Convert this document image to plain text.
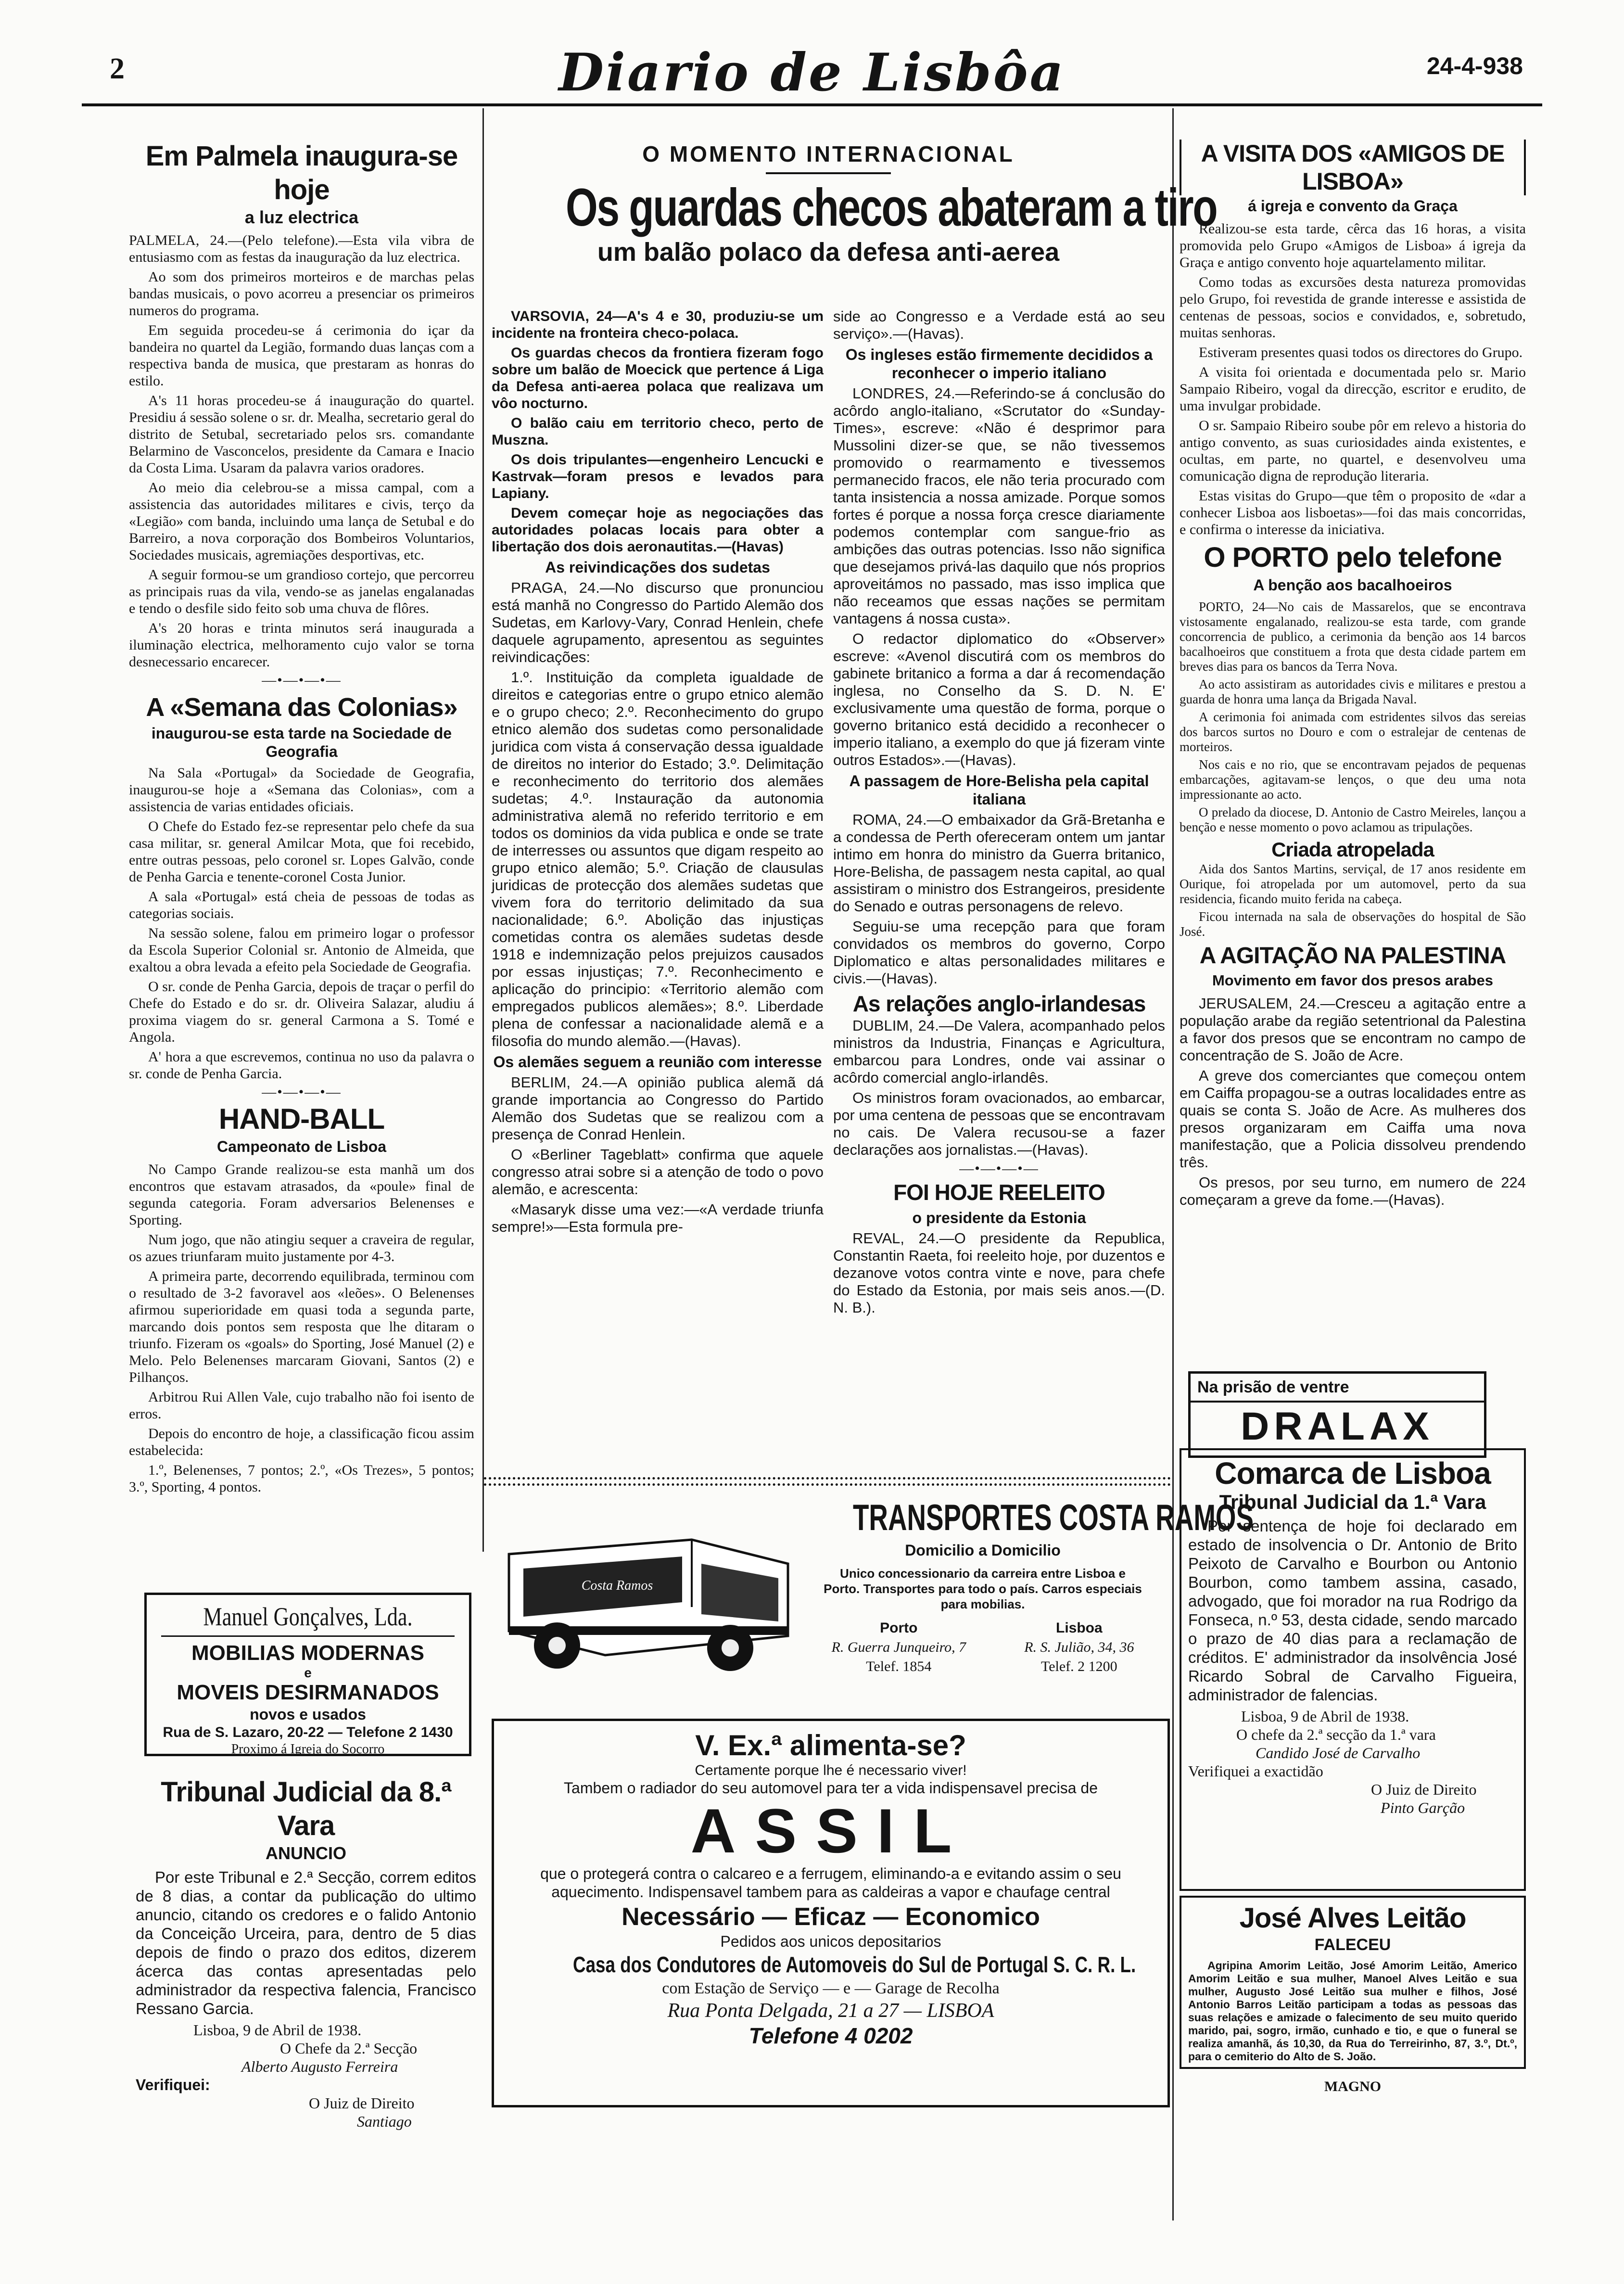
2	Diario de Lisbôa	24-4-938
Em Palmela inaugura-se hoje
a luz electrica

PALMELA, 24.—(Pelo telefone).—Esta vila vibra de entusiasmo com as festas da inauguração da luz electrica.

Ao som dos primeiros morteiros e de marchas pelas bandas musicais, o povo acorreu a presenciar os primeiros numeros do programa.

Em seguida procedeu-se á cerimonia do içar da bandeira no quartel da Legião, formando duas lanças com a respectiva banda de musica, que prestaram as honras do estilo.

A's 11 horas procedeu-se á inauguração do quartel. Presidiu á sessão solene o sr. dr. Mealha, secretario geral do distrito de Setubal, secretariado pelos srs. comandante Belarmino de Vasconcelos, presidente da Camara e Inacio da Costa Lima. Usaram da palavra varios oradores.

Ao meio dia celebrou-se a missa campal, com a assistencia das autoridades militares e civis, terço da «Legião» com banda, incluindo uma lança de Setubal e do Barreiro, a nova corporação dos Bombeiros Voluntarios, Sociedades musicais, agremiações desportivas, etc.

A seguir formou-se um grandioso cortejo, que percorreu as principais ruas da vila, vendo-se as janelas engalanadas e tendo o desfile sido feito sob uma chuva de flôres.

A's 20 horas e trinta minutos será inaugurada a iluminação electrica, melhoramento cujo valor se torna desnecessario encarecer.

—•—•—•—
A «Semana das Colonias»
inaugurou-se esta tarde na Sociedade de Geografia

Na Sala «Portugal» da Sociedade de Geografia, inaugurou-se hoje a «Semana das Colonias», com a assistencia de varias entidades oficiais.

O Chefe do Estado fez-se representar pelo chefe da sua casa militar, sr. general Amilcar Mota, que foi recebido, entre outras pessoas, pelo coronel sr. Lopes Galvão, conde de Penha Garcia e tenente-coronel Costa Junior.

A sala «Portugal» está cheia de pessoas de todas as categorias sociais.

Na sessão solene, falou em primeiro logar o professor da Escola Superior Colonial sr. Antonio de Almeida, que exaltou a obra levada a efeito pela Sociedade de Geografia.

O sr. conde de Penha Garcia, depois de traçar o perfil do Chefe do Estado e do sr. dr. Oliveira Salazar, aludiu á proxima viagem do sr. general Carmona a S. Tomé e Angola.

A' hora a que escrevemos, continua no uso da palavra o sr. conde de Penha Garcia.

—•—•—•—
HAND-BALL
Campeonato de Lisboa

No Campo Grande realizou-se esta manhã um dos encontros que estavam atrasados, da «poule» final de segunda categoria. Foram adversarios Belenenses e Sporting.

Num jogo, que não atingiu sequer a craveira de regular, os azues triunfaram muito justamente por 4-3.

A primeira parte, decorrendo equilibrada, terminou com o resultado de 3-2 favoravel aos «leões». O Belenenses afirmou superioridade em quasi toda a segunda parte, marcando dois pontos sem resposta que lhe ditaram o triunfo. Fizeram os «goals» do Sporting, José Manuel (2) e Melo. Pelo Belenenses marcaram Giovani, Santos (2) e Pilhanços.

Arbitrou Rui Allen Vale, cujo trabalho não foi isento de erros.

Depois do encontro de hoje, a classificação ficou assim estabelecida:

1.º, Belenenses, 7 pontos; 2.º, «Os Trezes», 5 pontos; 3.º, Sporting, 4 pontos.

Manuel Gonçalves, Lda.
MOBILIAS MODERNAS
e
MOVEIS DESIRMANADOS
novos e usados
Rua de S. Lazaro, 20-22 — Telefone 2 1430
Proximo á Igreja do Socorro
Tribunal Judicial da 8.ª Vara
ANUNCIO

Por este Tribunal e 2.ª Secção, correm editos de 8 dias, a contar da publicação do ultimo anuncio, citando os credores e o falido Antonio da Conceição Urceira, para, dentro de 5 dias depois de findo o prazo dos editos, dizerem ácerca das contas apresentadas pelo administrador da respectiva falencia, Francisco Ressano Garcia.

Lisboa, 9 de Abril de 1938.
O Chefe da 2.ª Secção
Alberto Augusto Ferreira
Verifiquei:
O Juiz de Direito
Santiago
O MOMENTO INTERNACIONAL
Os guardas checos abateram a tiro
um balão polaco da defesa anti-aerea

VARSOVIA, 24—A's 4 e 30, produziu-se um incidente na fronteira checo-polaca.

Os guardas checos da frontiera fizeram fogo sobre um balão de Moecick que pertence á Liga da Defesa anti-aerea polaca que realizava um vôo nocturno.

O balão caiu em territorio checo, perto de Muszna.

Os dois tripulantes—engenheiro Lencucki e Kastrvak—foram presos e levados para Lapiany.

Devem começar hoje as negociações das autoridades polacas locais para obter a libertação dos dois aeronautitas.—(Havas)

As reivindicações dos sudetas

PRAGA, 24.—No discurso que pronunciou está manhã no Congresso do Partido Alemão dos Sudetas, em Karlovy-Vary, Conrad Henlein, chefe daquele agrupamento, apresentou as seguintes reivindicações:

1.º. Instituição da completa igualdade de direitos e categorias entre o grupo etnico alemão e o grupo checo; 2.º. Reconhecimento do grupo etnico alemão dos sudetas como personalidade juridica com vista á conservação dessa igualdade de direitos no interior do Estado; 3.º. Delimitação e reconhecimento do territorio dos alemães sudetas; 4.º. Instauração da autonomia administrativa alemã no referido territorio e em todos os dominios da vida publica e onde se trate de interresses ou assuntos que digam respeito ao grupo etnico alemão; 5.º. Criação de clausulas juridicas de protecção dos alemães sudetas que vivem fora do territorio delimitado da sua nacionalidade; 6.º. Abolição das injustiças cometidas contra os alemães sudetas desde 1918 e indemnização pelos prejuizos causados por essas injustiças; 7.º. Reconhecimento e aplicação do principio: «Territorio alemão com empregados publicos alemães»; 8.º. Liberdade plena de confessar a nacionalidade alemã e a filosofia do mundo alemão.—(Havas).

Os alemães seguem a reunião com interesse

BERLIM, 24.—A opinião publica alemã dá grande importancia ao Congresso do Partido Alemão dos Sudetas que se realizou com a presença de Conrad Henlein.

O «Berliner Tageblatt» confirma que aquele congresso atrai sobre si a atenção de todo o povo alemão, e acrescenta:

«Masaryk disse uma vez:—«A verdade triunfa sempre!»—Esta formula pre-

side ao Congresso e a Verdade está ao seu serviço».—(Havas).

Os ingleses estão firmemente decididos a reconhecer o imperio italiano

LONDRES, 24.—Referindo-se á conclusão do acôrdo anglo-italiano, «Scrutator do «Sunday-Times», escreve: «Não é desprimor para Mussolini dizer-se que, se não tivessemos promovido o rearmamento e tivessemos permanecido fracos, ele não teria procurado com tanta insistencia a nossa amizade. Porque somos fortes é porque a nossa força cresce diariamente podemos contemplar com sangue-frio as ambições das outras potencias. Isso não significa que desejamos privá-las daquilo que nós proprios aproveitámos no passado, mas isso implica que não receamos que essas nações se permitam vantagens á nossa custa».

O redactor diplomatico do «Observer» escreve: «Avenol discutirá com os membros do gabinete britanico a forma a dar á recomendação inglesa, no Conselho da S. D. N. E' exclusivamente uma questão de forma, porque o governo britanico está decidido a reconhecer o imperio italiano, a exemplo do que já fizeram vinte outros Estados».—(Havas).

A passagem de Hore-Belisha pela capital italiana

ROMA, 24.—O embaixador da Grã-Bretanha e a condessa de Perth ofereceram ontem um jantar intimo em honra do ministro da Guerra britanico, Hore-Belisha, de passagem nesta capital, ao qual assistiram o ministro dos Estrangeiros, presidente do Senado e outras personagens de relevo.

Seguiu-se uma recepção para que foram convidados os membros do governo, Corpo Diplomatico e altas personalidades militares e civis.—(Havas).

As relações anglo-irlandesas

DUBLIM, 24.—De Valera, acompanhado pelos ministros da Industria, Finanças e Agricultura, embarcou para Londres, onde vai assinar o acôrdo comercial anglo-irlandês.

Os ministros foram ovacionados, ao embarcar, por uma centena de pessoas que se encontravam no cais. De Valera recusou-se a fazer declarações aos jornalistas.—(Havas).

—•—•—•—
FOI HOJE REELEITO
o presidente da Estonia

REVAL, 24.—O presidente da Republica, Constantin Raeta, foi reeleito hoje, por duzentos e dezanove votos contra vinte e nove, para chefe do Estado da Estonia, por mais seis anos.—(D. N. B.).

Costa Ramos
TRANSPORTES COSTA RAMOS
Domicilio a Domicilio
Unico concessionario da carreira entre Lisboa e Porto. Transportes para todo o país. Carros especiais para mobilias.
Porto
R. Guerra Junqueiro, 7
Telef. 1854
Lisboa
R. S. Julião, 34, 36
Telef. 2 1200
V. Ex.ª alimenta-se?
Certamente porque lhe é necessario viver!
Tambem o radiador do seu automovel para ter a vida indispensavel precisa de
ASSIL
que o protegerá contra o calcareo e a ferrugem, eliminando-a e evitando assim o seu aquecimento. Indispensavel tambem para as caldeiras a vapor e chaufage central
Necessário — Eficaz — Economico
Pedidos aos unicos depositarios
Casa dos Condutores de Automoveis do Sul de Portugal S. C. R. L.
com Estação de Serviço — e — Garage de Recolha
Rua Ponta Delgada, 21 a 27 — LISBOA
Telefone 4 0202
A VISITA DOS «AMIGOS DE LISBOA»
á igreja e convento da Graça

Realizou-se esta tarde, cêrca das 16 horas, a visita promovida pelo Grupo «Amigos de Lisboa» á igreja da Graça e antigo convento hoje aquartelamento militar.

Como todas as excursões desta natureza promovidas pelo Grupo, foi revestida de grande interesse e assistida de centenas de pessoas, socios e convidados, e, sobretudo, muitas senhoras.

Estiveram presentes quasi todos os directores do Grupo.

A visita foi orientada e documentada pelo sr. Mario Sampaio Ribeiro, vogal da direcção, escritor e erudito, de uma invulgar probidade.

O sr. Sampaio Ribeiro soube pôr em relevo a historia do antigo convento, as suas curiosidades ainda existentes, e ocultas, em parte, no quartel, e desenvolveu uma comunicação digna de reprodução literaria.

Estas visitas do Grupo—que têm o proposito de «dar a conhecer Lisboa aos lisboetas»—foi das mais concorridas, e confirma o interesse da iniciativa.

O PORTO pelo telefone
A benção aos bacalhoeiros

PORTO, 24—No cais de Massarelos, que se encontrava vistosamente engalanado, realizou-se esta tarde, com grande concorrencia de publico, a cerimonia da benção aos 14 barcos bacalhoeiros que constituem a frota que desta cidade partem em breves dias para os bancos da Terra Nova.

Ao acto assistiram as autoridades civis e militares e prestou a guarda de honra uma lança da Brigada Naval.

A cerimonia foi animada com estridentes silvos das sereias dos barcos surtos no Douro e com o estralejar de centenas de morteiros.

Nos cais e no rio, que se encontravam pejados de pequenas embarcações, agitavam-se lenços, o que deu uma nota impressionante ao acto.

O prelado da diocese, D. Antonio de Castro Meireles, lançou a benção e nesse momento o povo aclamou as tripulações.

Criada atropelada

Aida dos Santos Martins, serviçal, de 17 anos residente em Ourique, foi atropelada por um automovel, perto da sua residencia, ficando muito ferida na cabeça.

Ficou internada na sala de observações do hospital de São José.

A AGITAÇÃO NA PALESTINA
Movimento em favor dos presos arabes

JERUSALEM, 24.—Cresceu a agitação entre a população arabe da região setentrional da Palestina a favor dos presos que se encontram no campo de concentração de S. João de Acre.

A greve dos comerciantes que começou ontem em Caiffa propagou-se a outras localidades entre as quais se conta S. João de Acre. As mulheres dos presos organizaram em Caiffa uma nova manifestação, que a Policia dissolveu prendendo três.

Os presos, por seu turno, em numero de 224 começaram a greve da fome.—(Havas).

Na prisão de ventre
DRALAX
Comarca de Lisboa
Tribunal Judicial da 1.ª Vara

Por sentença de hoje foi declarado em estado de insolvencia o Dr. Antonio de Brito Peixoto de Carvalho e Bourbon ou Antonio Bourbon, como tambem assina, casado, advogado, que foi morador na rua Rodrigo da Fonseca, n.º 53, desta cidade, sendo marcado o prazo de 40 dias para a reclamação de créditos. E' administrador da insolvência José Ricardo Sobral de Carvalho Figueira, administrador de falencias.

Lisboa, 9 de Abril de 1938.
O chefe da 2.ª secção da 1.ª vara
Candido José de Carvalho
Verifiquei a exactidão
O Juiz de Direito
Pinto Garção
José Alves Leitão
FALECEU

Agripina Amorim Leitão, José Amorim Leitão, Americo Amorim Leitão e sua mulher, Manoel Alves Leitão e sua mulher, Augusto José Leitão sua mulher e filhos, José Antonio Barros Leitão participam a todas as pessoas das suas relações e amizade o falecimento de seu muito querido marido, pai, sogro, irmão, cunhado e tio, e que o funeral se realiza amanhã, ás 10,30, da Rua do Terreirinho, 87, 3.º, Dt.º, para o cemiterio do Alto de S. João.

MAGNO
